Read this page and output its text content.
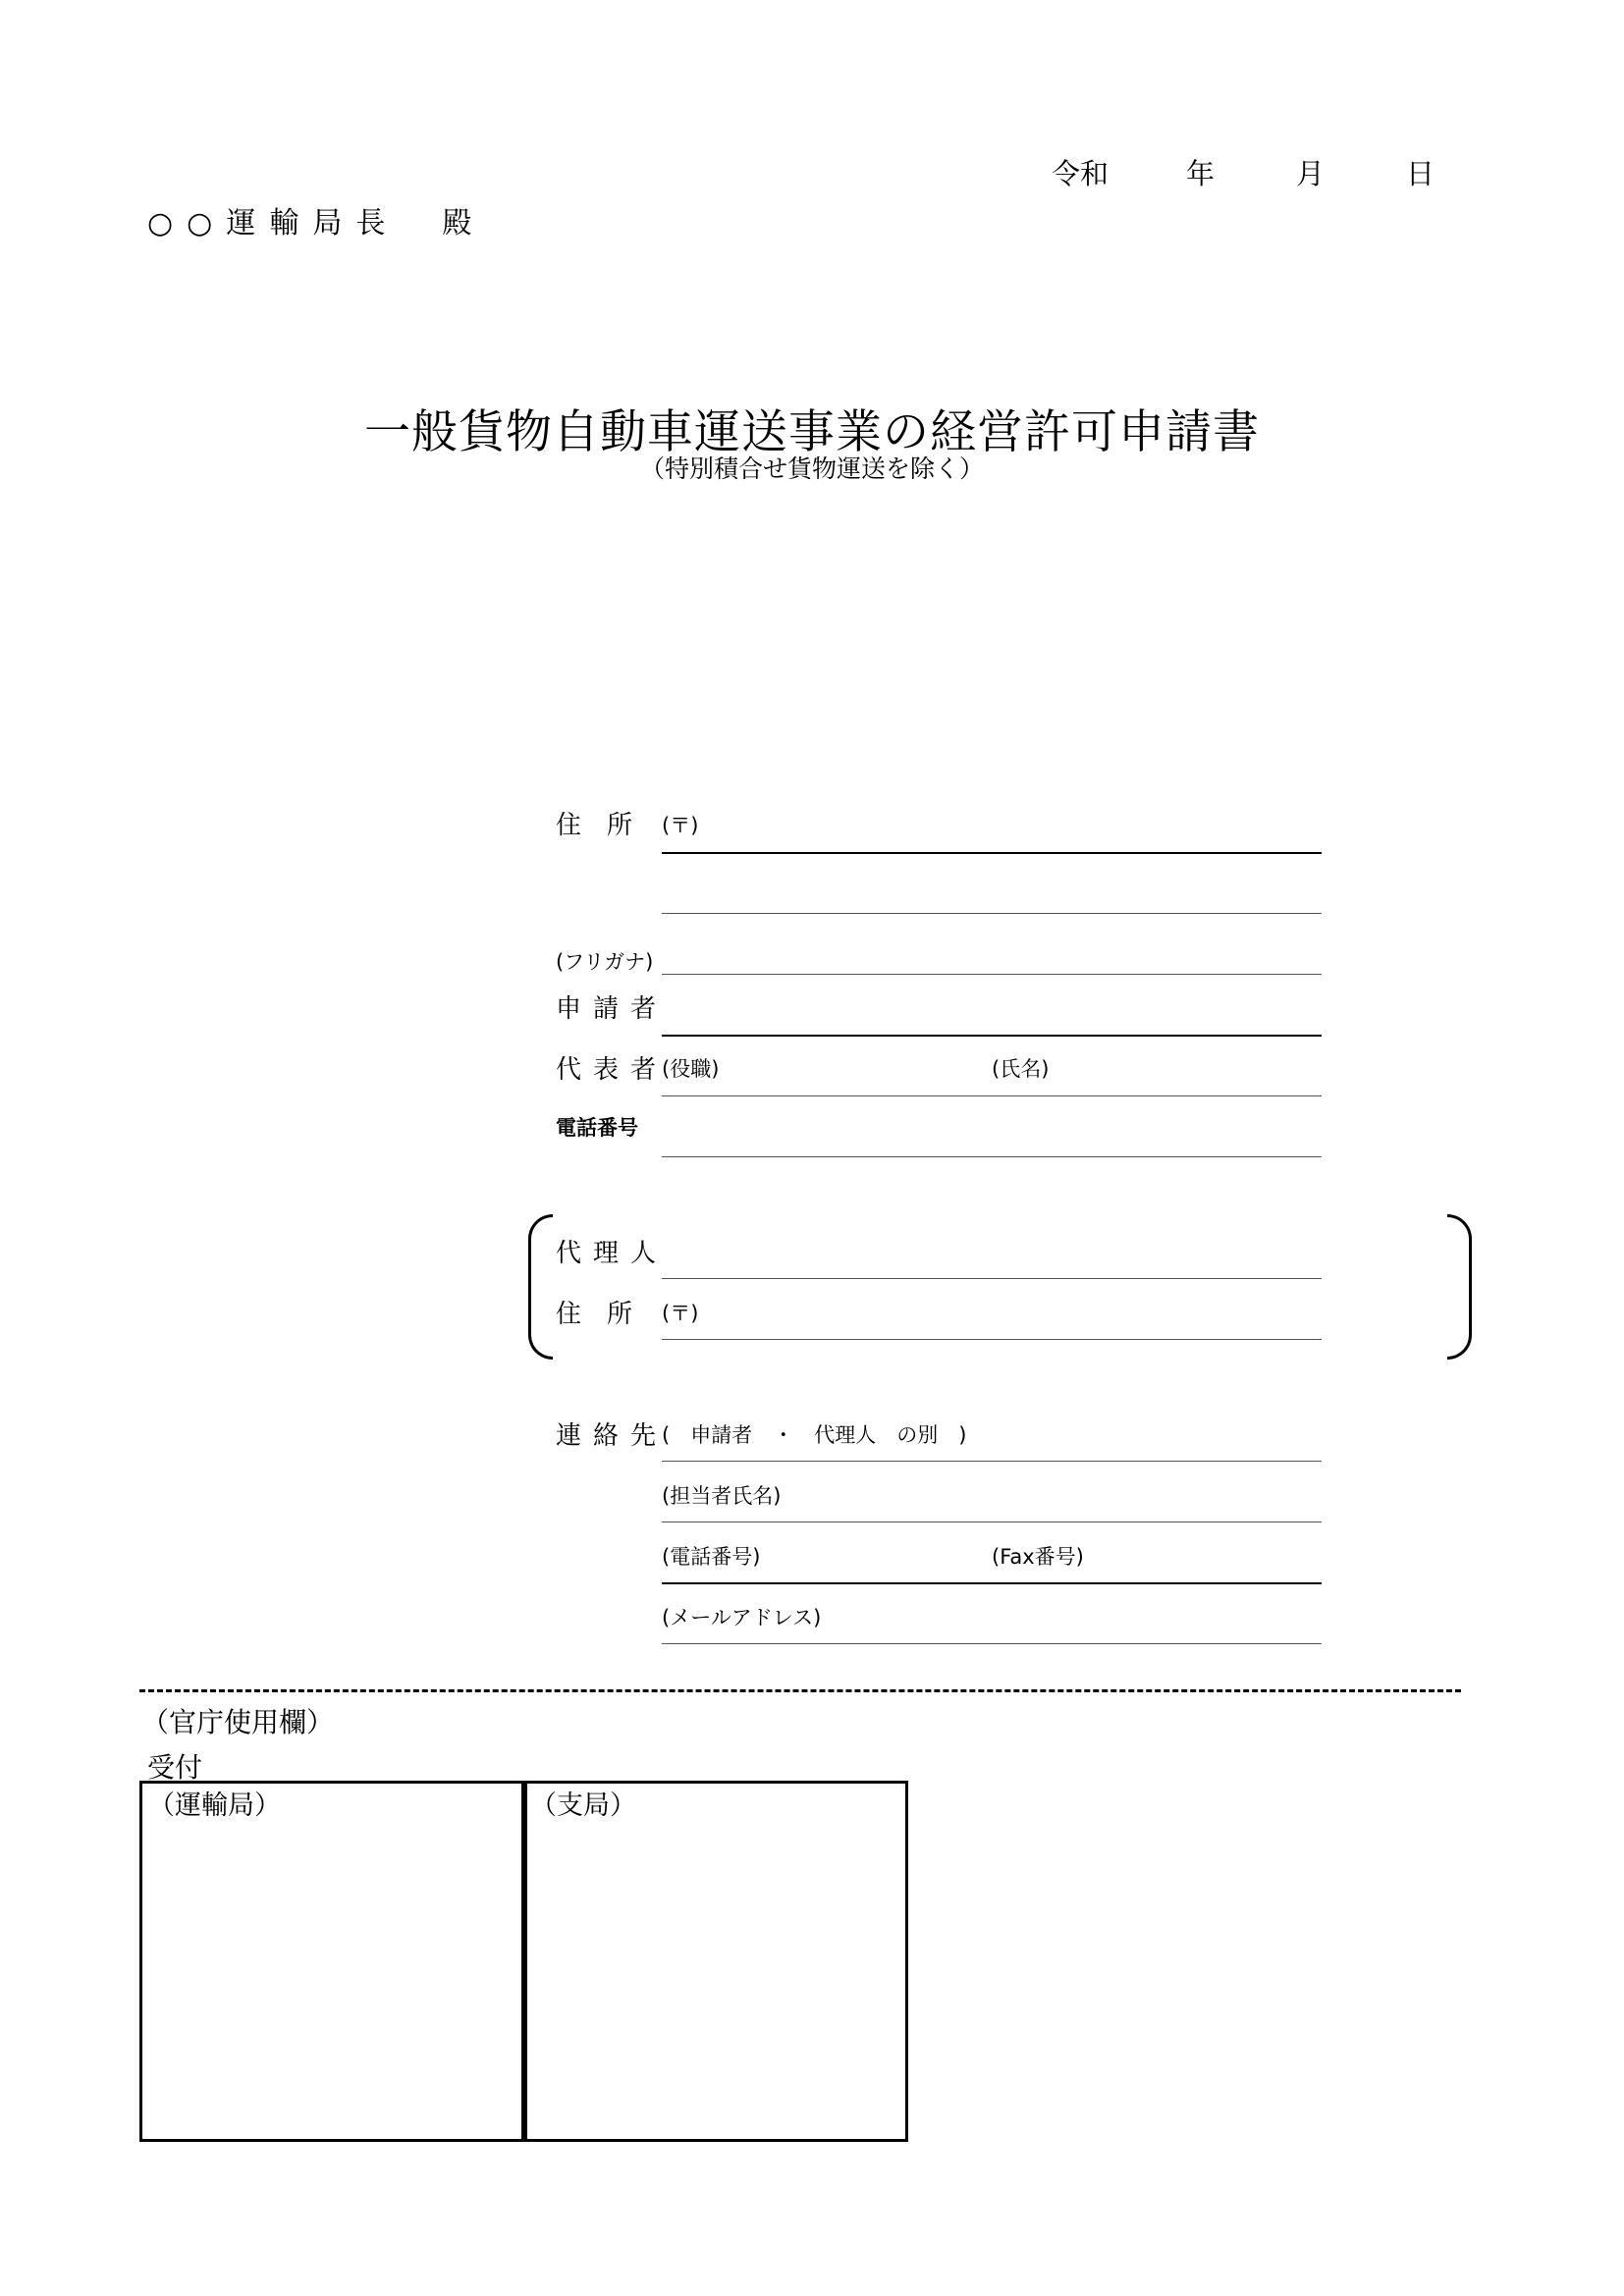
令和	年	月	日
○○運輸局長　殿
一般貨物自動車運送事業の経営許可申請書
（特別積合せ貨物運送を除く）
住　所 (〒)
(フリガナ)
申請者
代表者
(役職)	(氏名)
電話番号
代理人
住　所 (〒)
連絡先
(　申請者　・　代理人　の別　)
(担当者氏名)
(電話番号)	(Fax番号)
(メールアドレス)
（官庁使用欄）
受付
（運輸局）	（支局）
